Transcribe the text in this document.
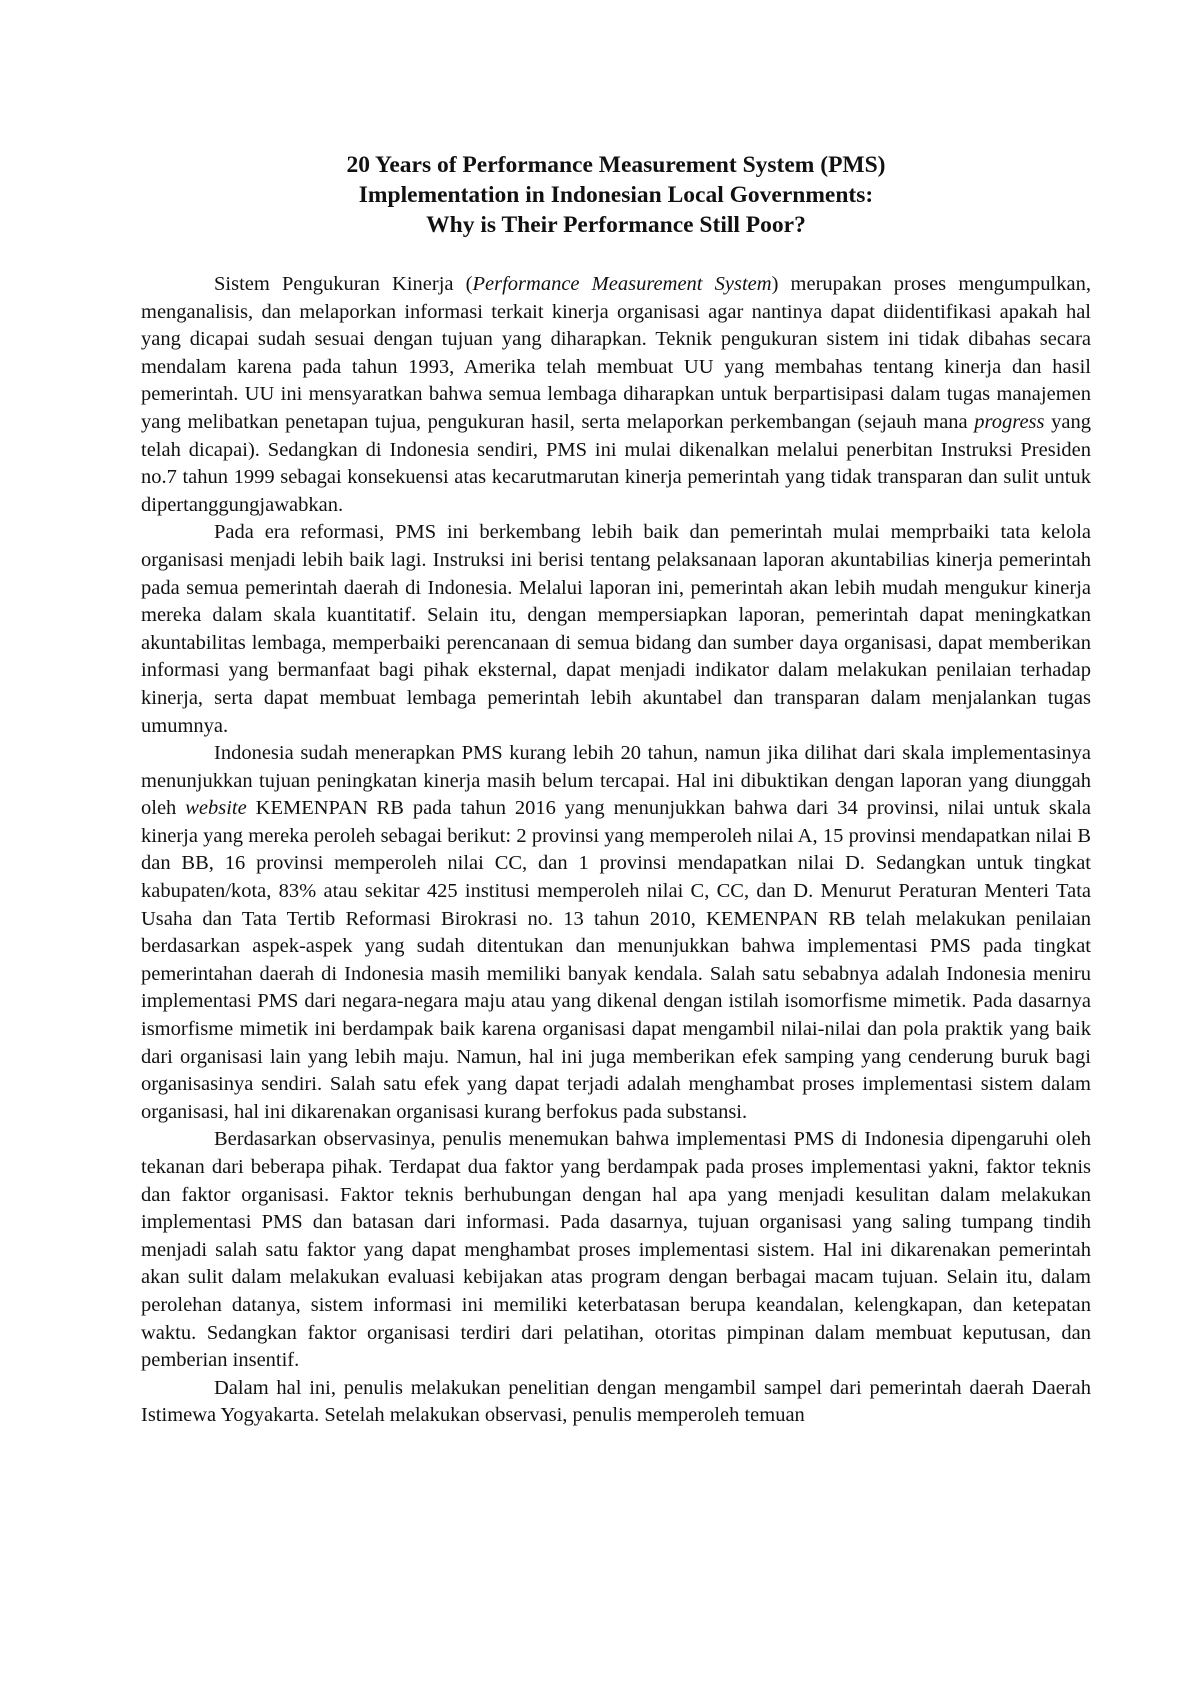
20 Years of Performance Measurement System (PMS)
Implementation in Indonesian Local Governments:
Why is Their Performance Still Poor?

Sistem Pengukuran Kinerja (Performance Measurement System) merupakan proses mengumpulkan, menganalisis, dan melaporkan informasi terkait kinerja organisasi agar nantinya dapat diidentifikasi apakah hal yang dicapai sudah sesuai dengan tujuan yang diharapkan. Teknik pengukuran sistem ini tidak dibahas secara mendalam karena pada tahun 1993, Amerika telah membuat UU yang membahas tentang kinerja dan hasil pemerintah. UU ini mensyaratkan bahwa semua lembaga diharapkan untuk berpartisipasi dalam tugas manajemen yang melibatkan penetapan tujua, pengukuran hasil, serta melaporkan perkembangan (sejauh mana progress yang telah dicapai). Sedangkan di Indonesia sendiri, PMS ini mulai dikenalkan melalui penerbitan Instruksi Presiden no.7 tahun 1999 sebagai konsekuensi atas kecarutmarutan kinerja pemerintah yang tidak transparan dan sulit untuk dipertanggungjawabkan.

Pada era reformasi, PMS ini berkembang lebih baik dan pemerintah mulai memprbaiki tata kelola organisasi menjadi lebih baik lagi. Instruksi ini berisi tentang pelaksanaan laporan akuntabilias kinerja pemerintah pada semua pemerintah daerah di Indonesia. Melalui laporan ini, pemerintah akan lebih mudah mengukur kinerja mereka dalam skala kuantitatif. Selain itu, dengan mempersiapkan laporan, pemerintah dapat meningkatkan akuntabilitas lembaga, memperbaiki perencanaan di semua bidang dan sumber daya organisasi, dapat memberikan informasi yang bermanfaat bagi pihak eksternal, dapat menjadi indikator dalam melakukan penilaian terhadap kinerja, serta dapat membuat lembaga pemerintah lebih akuntabel dan transparan dalam menjalankan tugas umumnya.

Indonesia sudah menerapkan PMS kurang lebih 20 tahun, namun jika dilihat dari skala implementasinya menunjukkan tujuan peningkatan kinerja masih belum tercapai. Hal ini dibuktikan dengan laporan yang diunggah oleh website KEMENPAN RB pada tahun 2016 yang menunjukkan bahwa dari 34 provinsi, nilai untuk skala kinerja yang mereka peroleh sebagai berikut: 2 provinsi yang memperoleh nilai A, 15 provinsi mendapatkan nilai B dan BB, 16 provinsi memperoleh nilai CC, dan 1 provinsi mendapatkan nilai D. Sedangkan untuk tingkat kabupaten/kota, 83% atau sekitar 425 institusi memperoleh nilai C, CC, dan D. Menurut Peraturan Menteri Tata Usaha dan Tata Tertib Reformasi Birokrasi no. 13 tahun 2010, KEMENPAN RB telah melakukan penilaian berdasarkan aspek-aspek yang sudah ditentukan dan menunjukkan bahwa implementasi PMS pada tingkat pemerintahan daerah di Indonesia masih memiliki banyak kendala. Salah satu sebabnya adalah Indonesia meniru implementasi PMS dari negara-negara maju atau yang dikenal dengan istilah isomorfisme mimetik. Pada dasarnya ismorfisme mimetik ini berdampak baik karena organisasi dapat mengambil nilai-nilai dan pola praktik yang baik dari organisasi lain yang lebih maju. Namun, hal ini juga memberikan efek samping yang cenderung buruk bagi organisasinya sendiri. Salah satu efek yang dapat terjadi adalah menghambat proses implementasi sistem dalam organisasi, hal ini dikarenakan organisasi kurang berfokus pada substansi.

Berdasarkan observasinya, penulis menemukan bahwa implementasi PMS di Indonesia dipengaruhi oleh tekanan dari beberapa pihak. Terdapat dua faktor yang berdampak pada proses implementasi yakni, faktor teknis dan faktor organisasi. Faktor teknis berhubungan dengan hal apa yang menjadi kesulitan dalam melakukan implementasi PMS dan batasan dari informasi. Pada dasarnya, tujuan organisasi yang saling tumpang tindih menjadi salah satu faktor yang dapat menghambat proses implementasi sistem. Hal ini dikarenakan pemerintah akan sulit dalam melakukan evaluasi kebijakan atas program dengan berbagai macam tujuan. Selain itu, dalam perolehan datanya, sistem informasi ini memiliki keterbatasan berupa keandalan, kelengkapan, dan ketepatan waktu. Sedangkan faktor organisasi terdiri dari pelatihan, otoritas pimpinan dalam membuat keputusan, dan pemberian insentif.

Dalam hal ini, penulis melakukan penelitian dengan mengambil sampel dari pemerintah daerah Daerah Istimewa Yogyakarta. Setelah melakukan observasi, penulis memperoleh temuan
